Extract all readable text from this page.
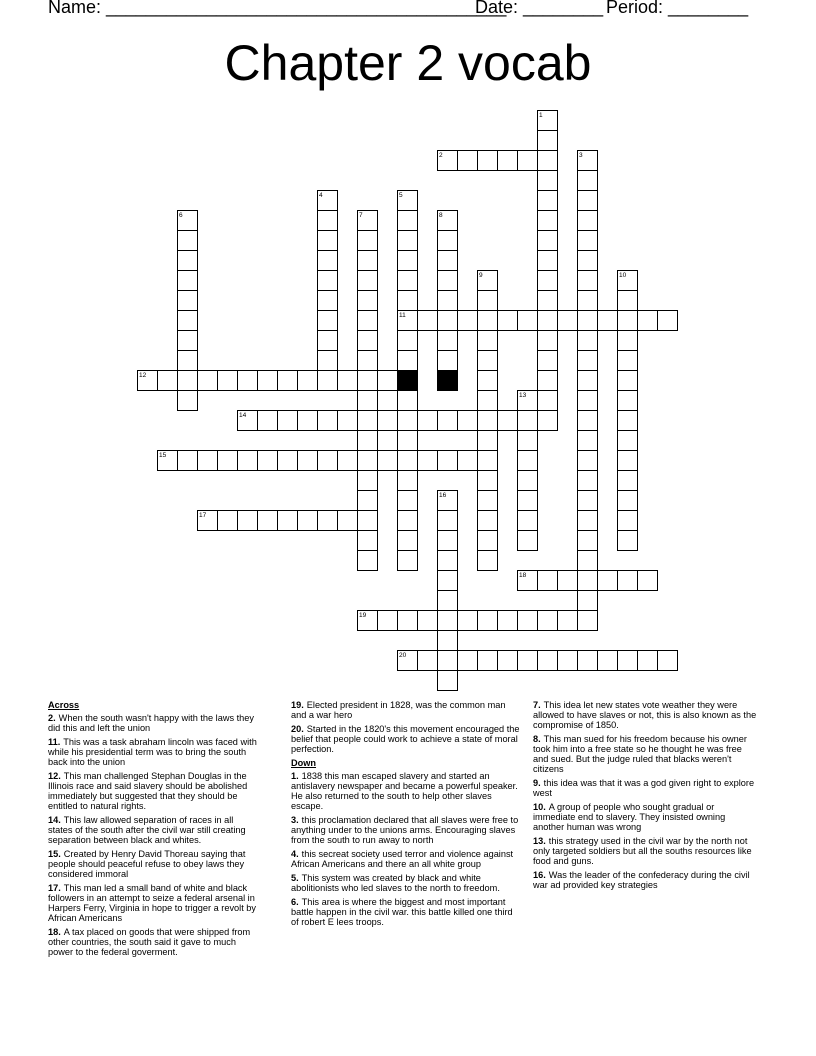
Name: ________________________________________
Date: ________ Period: ________
Chapter 2 vocab
1
2	3
4	5
6	7	8
9	10
11
12
13
14
15
16
17
18
19
20
Across
2. When the south wasn't happy with the laws they did this and left the union
11. This was a task abraham lincoln was faced with while his presidential term was to bring the south back into the union
12. This man challenged Stephan Douglas in the Illinois race and said slavery should be abolished immediately but suggested that they should be entitled to natural rights.
14. This law allowed separation of races in all states of the south after the civil war still creating separation between black and whites.
15. Created by Henry David Thoreau saying that people should peaceful refuse to obey laws they considered immoral
17. This man led a small band of white and black followers in an attempt to seize a federal arsenal in Harpers Ferry, Virginia in hope to trigger a revolt by African Americans
18. A tax placed on goods that were shipped from other countries, the south said it gave to much power to the federal goverment.
19. Elected president in 1828, was the common man and a war hero
20. Started in the 1820's this movement encouraged the belief that people could work to achieve a state of moral perfection.
Down
1. 1838 this man escaped slavery and started an antislavery newspaper and became a powerful speaker. He also returned to the south to help other slaves escape.
3. this proclamation declared that all slaves were free to anything under to the unions arms. Encouraging slaves from the south to run away to north
4. this secreat society used terror and violence against African Americans and there an all white group
5. This system was created by black and white abolitionists who led slaves to the north to freedom.
6. This area is where the biggest and most important battle happen in the civil war. this battle killed one third of robert E lees troops.
7. This idea let new states vote weather they were allowed to have slaves or not, this is also known as the compromise of 1850.
8. This man sued for his freedom because his owner took him into a free state so he thought he was free and sued. But the judge ruled that blacks weren't citizens
9. this idea was that it was a god given right to explore west
10. A group of people who sought gradual or immediate end to slavery. They insisted owning another human was wrong
13. this strategy used in the civil war by the north not only targeted soldiers but all the souths resources like food and guns.
16. Was the leader of the confederacy during the civil war ad provided key strategies
